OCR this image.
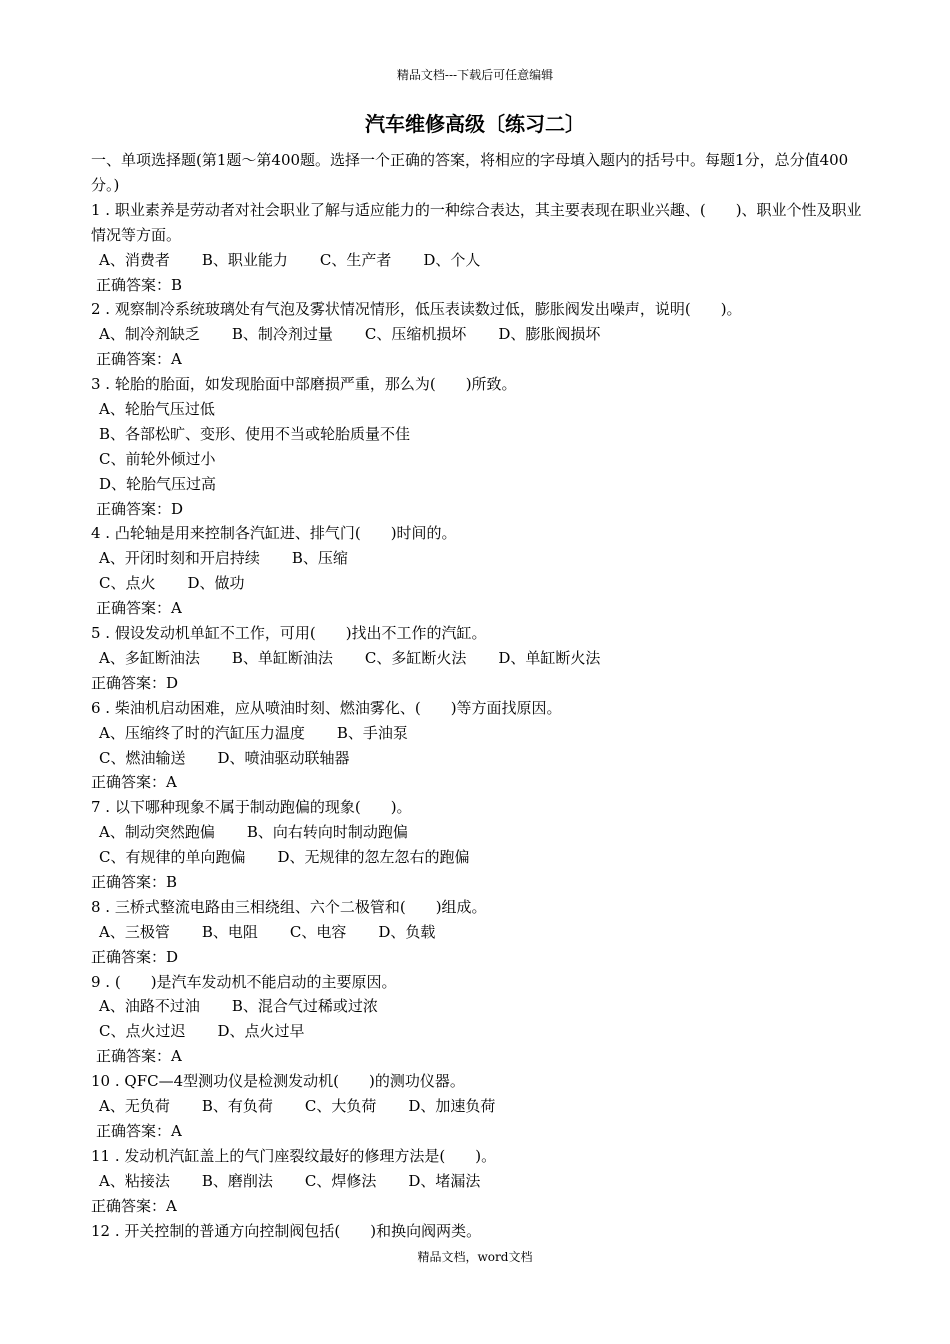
精品文档---下载后可任意编辑
汽车维修高级〔练习二〕
一、单项选择题(第1题～第400题。选择一个正确的答案，将相应的字母填入题内的括号中。每题1分，总分值400分。)
1 . 职业素养是劳动者对社会职业了解与适应能力的一种综合表达，其主要表现在职业兴趣、(　　)、职业个性及职业情况等方面。
A、消费者 B、职业能力 C、生产者 D、个人
正确答案：B
2 . 观察制冷系统玻璃处有气泡及雾状情况情形，低压表读数过低，膨胀阀发出噪声，说明(　　)。
A、制冷剂缺乏 B、制冷剂过量 C、压缩机损坏 D、膨胀阀损坏
正确答案：A
3 . 轮胎的胎面，如发现胎面中部磨损严重，那么为(　　)所致。
A、轮胎气压过低
B、各部松旷、变形、使用不当或轮胎质量不佳
C、前轮外倾过小
D、轮胎气压过高
正确答案：D
4 . 凸轮轴是用来控制各汽缸进、排气门(　　)时间的。
A、开闭时刻和开启持续 B、压缩
C、点火 D、做功
正确答案：A
5 . 假设发动机单缸不工作，可用(　　)找出不工作的汽缸。
A、多缸断油法 B、单缸断油法 C、多缸断火法 D、单缸断火法
正确答案：D
6 . 柴油机启动困难，应从喷油时刻、燃油雾化、(　　)等方面找原因。
A、压缩终了时的汽缸压力温度 B、手油泵
C、燃油输送 D、喷油驱动联轴器
正确答案：A
7 . 以下哪种现象不属于制动跑偏的现象(　　)。
A、制动突然跑偏 B、向右转向时制动跑偏
C、有规律的单向跑偏 D、无规律的忽左忽右的跑偏
正确答案：B
8 . 三桥式整流电路由三相绕组、六个二极管和(　　)组成。
A、三极管 B、电阻 C、电容 D、负载
正确答案：D
9 . (　　)是汽车发动机不能启动的主要原因。
A、油路不过油 B、混合气过稀或过浓
C、点火过迟 D、点火过早
正确答案：A
10 . QFC—4型测功仪是检测发动机(　　)的测功仪器。
A、无负荷 B、有负荷 C、大负荷 D、加速负荷
正确答案：A
11 . 发动机汽缸盖上的气门座裂纹最好的修理方法是(　　)。
A、粘接法 B、磨削法 C、焊修法 D、堵漏法
正确答案：A
12 . 开关控制的普通方向控制阀包括(　　)和换向阀两类。
精品文档，word文档
